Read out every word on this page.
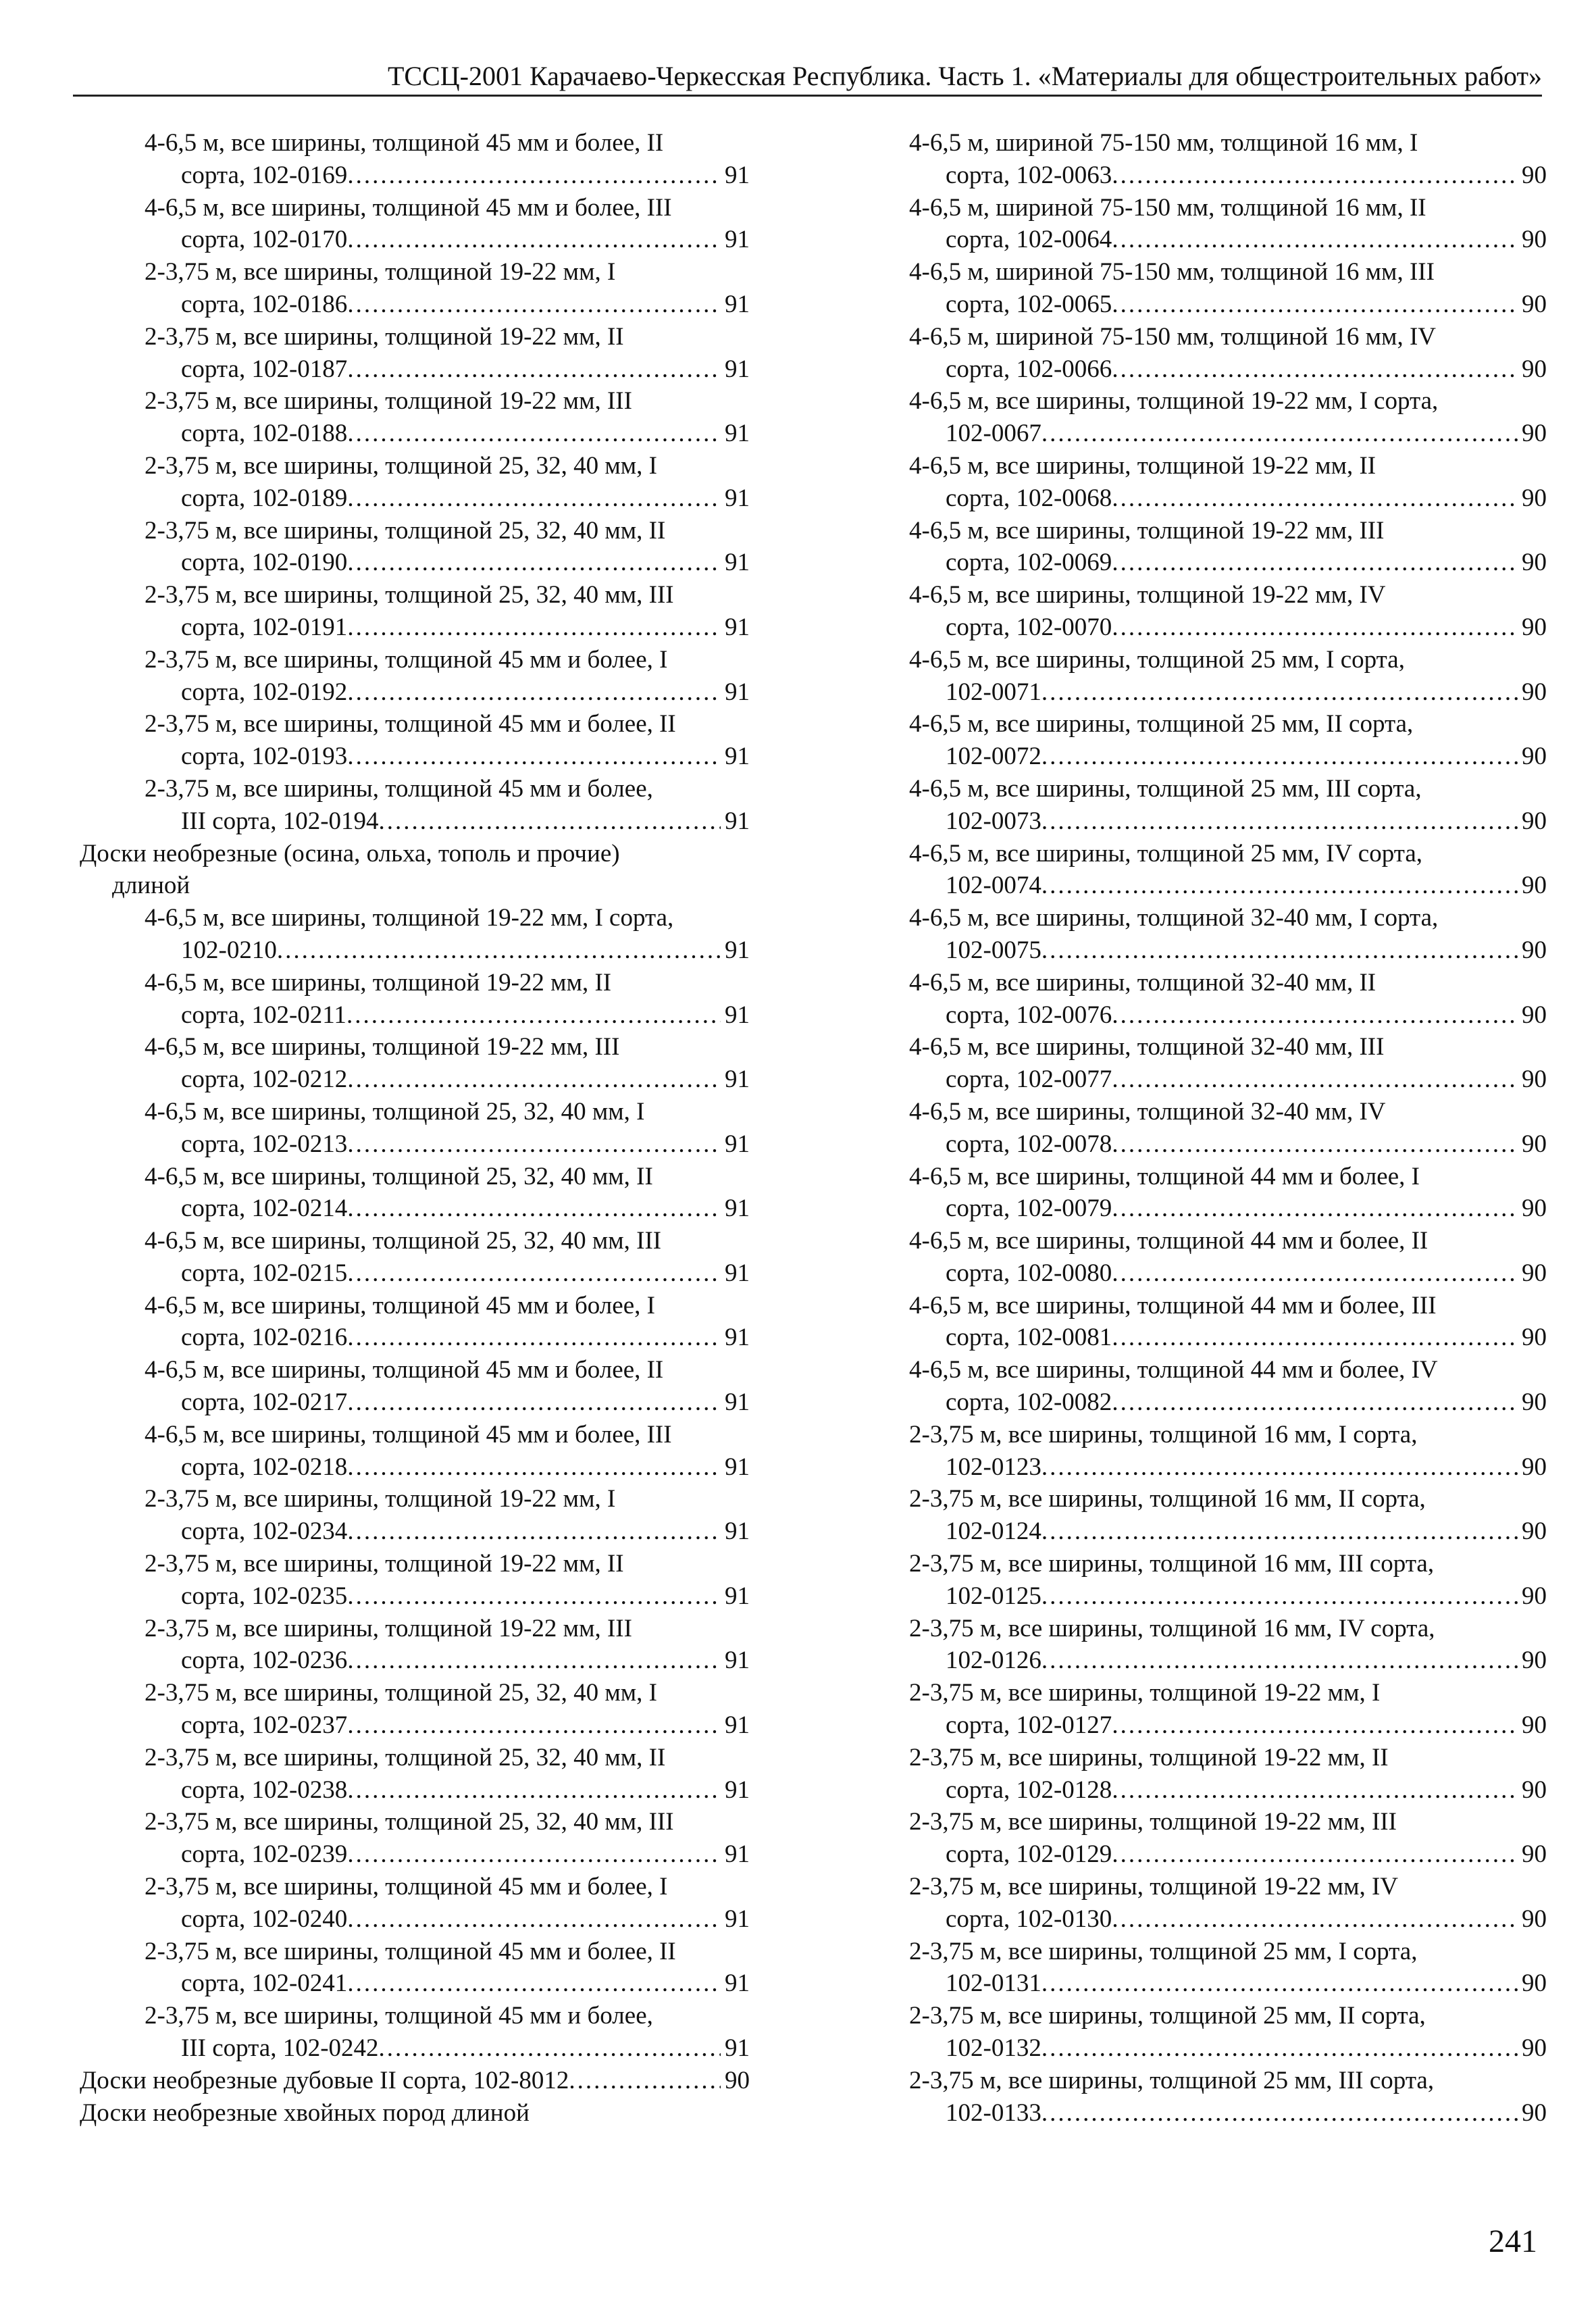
ТССЦ-2001 Карачаево-Черкесская Республика. Часть 1. «Материалы для общестроительных работ»
4-6,5 м, все ширины, толщиной 45 мм и более, II
сорта, 102-0169 .....	91
4-6,5 м, все ширины, толщиной 45 мм и более, III
сорта, 102-0170 .....	91
2-3,75 м, все ширины, толщиной 19-22 мм, I
сорта, 102-0186 .....	91
2-3,75 м, все ширины, толщиной 19-22 мм, II
сорта, 102-0187 .....	91
2-3,75 м, все ширины, толщиной 19-22 мм, III
сорта, 102-0188 .....	91
2-3,75 м, все ширины, толщиной 25, 32, 40 мм, I
сорта, 102-0189 .....	91
2-3,75 м, все ширины, толщиной 25, 32, 40 мм, II
сорта, 102-0190 .....	91
2-3,75 м, все ширины, толщиной 25, 32, 40 мм, III
сорта, 102-0191 .....	91
2-3,75 м, все ширины, толщиной 45 мм и более, I
сорта, 102-0192 .....	91
2-3,75 м, все ширины, толщиной 45 мм и более, II
сорта, 102-0193 .....	91
2-3,75 м, все ширины, толщиной 45 мм и более,
III сорта, 102-0194 .....	91
Доски необрезные (осина, ольха, тополь и прочие)
длиной
4-6,5 м, все ширины, толщиной 19-22 мм, I сорта,
102-0210 .....	91
4-6,5 м, все ширины, толщиной 19-22 мм, II
сорта, 102-0211 .....	91
4-6,5 м, все ширины, толщиной 19-22 мм, III
сорта, 102-0212 .....	91
4-6,5 м, все ширины, толщиной 25, 32, 40 мм, I
сорта, 102-0213 .....	91
4-6,5 м, все ширины, толщиной 25, 32, 40 мм, II
сорта, 102-0214 .....	91
4-6,5 м, все ширины, толщиной 25, 32, 40 мм, III
сорта, 102-0215 .....	91
4-6,5 м, все ширины, толщиной 45 мм и более, I
сорта, 102-0216 .....	91
4-6,5 м, все ширины, толщиной 45 мм и более, II
сорта, 102-0217 .....	91
4-6,5 м, все ширины, толщиной 45 мм и более, III
сорта, 102-0218 .....	91
2-3,75 м, все ширины, толщиной 19-22 мм, I
сорта, 102-0234 .....	91
2-3,75 м, все ширины, толщиной 19-22 мм, II
сорта, 102-0235 .....	91
2-3,75 м, все ширины, толщиной 19-22 мм, III
сорта, 102-0236 .....	91
2-3,75 м, все ширины, толщиной 25, 32, 40 мм, I
сорта, 102-0237 .....	91
2-3,75 м, все ширины, толщиной 25, 32, 40 мм, II
сорта, 102-0238 .....	91
2-3,75 м, все ширины, толщиной 25, 32, 40 мм, III
сорта, 102-0239 .....	91
2-3,75 м, все ширины, толщиной 45 мм и более, I
сорта, 102-0240 .....	91
2-3,75 м, все ширины, толщиной 45 мм и более, II
сорта, 102-0241 .....	91
2-3,75 м, все ширины, толщиной 45 мм и более,
III сорта, 102-0242 .....	91
Доски необрезные дубовые II сорта, 102-8012 .....	90
Доски необрезные хвойных пород длиной
4-6,5 м, шириной 75-150 мм, толщиной 16 мм, I
сорта, 102-0063 .....	90
4-6,5 м, шириной 75-150 мм, толщиной 16 мм, II
сорта, 102-0064 .....	90
4-6,5 м, шириной 75-150 мм, толщиной 16 мм, III
сорта, 102-0065 .....	90
4-6,5 м, шириной 75-150 мм, толщиной 16 мм, IV
сорта, 102-0066 .....	90
4-6,5 м, все ширины, толщиной 19-22 мм, I сорта,
102-0067 .....	90
4-6,5 м, все ширины, толщиной 19-22 мм, II
сорта, 102-0068 .....	90
4-6,5 м, все ширины, толщиной 19-22 мм, III
сорта, 102-0069 .....	90
4-6,5 м, все ширины, толщиной 19-22 мм, IV
сорта, 102-0070 .....	90
4-6,5 м, все ширины, толщиной 25 мм, I сорта,
102-0071 .....	90
4-6,5 м, все ширины, толщиной 25 мм, II сорта,
102-0072 .....	90
4-6,5 м, все ширины, толщиной 25 мм, III сорта,
102-0073 .....	90
4-6,5 м, все ширины, толщиной 25 мм, IV сорта,
102-0074 .....	90
4-6,5 м, все ширины, толщиной 32-40 мм, I сорта,
102-0075 .....	90
4-6,5 м, все ширины, толщиной 32-40 мм, II
сорта, 102-0076 .....	90
4-6,5 м, все ширины, толщиной 32-40 мм, III
сорта, 102-0077 .....	90
4-6,5 м, все ширины, толщиной 32-40 мм, IV
сорта, 102-0078 .....	90
4-6,5 м, все ширины, толщиной 44 мм и более, I
сорта, 102-0079 .....	90
4-6,5 м, все ширины, толщиной 44 мм и более, II
сорта, 102-0080 .....	90
4-6,5 м, все ширины, толщиной 44 мм и более, III
сорта, 102-0081 .....	90
4-6,5 м, все ширины, толщиной 44 мм и более, IV
сорта, 102-0082 .....	90
2-3,75 м, все ширины, толщиной 16 мм, I сорта,
102-0123 .....	90
2-3,75 м, все ширины, толщиной 16 мм, II сорта,
102-0124 .....	90
2-3,75 м, все ширины, толщиной 16 мм, III сорта,
102-0125 .....	90
2-3,75 м, все ширины, толщиной 16 мм, IV сорта,
102-0126 .....	90
2-3,75 м, все ширины, толщиной 19-22 мм, I
сорта, 102-0127 .....	90
2-3,75 м, все ширины, толщиной 19-22 мм, II
сорта, 102-0128 .....	90
2-3,75 м, все ширины, толщиной 19-22 мм, III
сорта, 102-0129 .....	90
2-3,75 м, все ширины, толщиной 19-22 мм, IV
сорта, 102-0130 .....	90
2-3,75 м, все ширины, толщиной 25 мм, I сорта,
102-0131 .....	90
2-3,75 м, все ширины, толщиной 25 мм, II сорта,
102-0132 .....	90
2-3,75 м, все ширины, толщиной 25 мм, III сорта,
102-0133 .....	90
241
